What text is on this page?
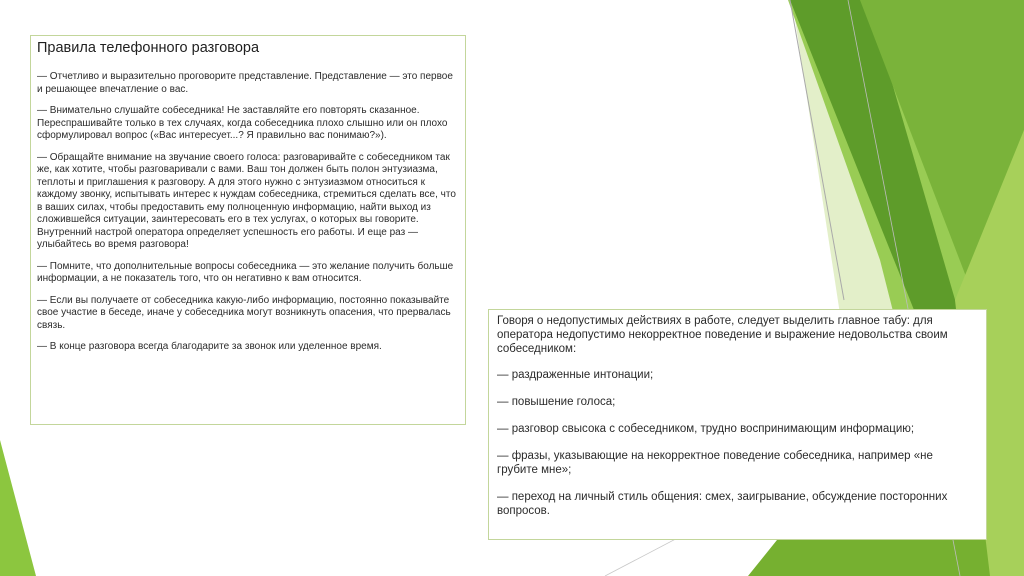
Правила телефонного разговора

— Отчетливо и выразительно проговорите представление. Представление — это первое и решающее впечатление о вас.

— Внимательно слушайте собеседника! Не заставляйте его повторять сказанное. Переспрашивайте только в тех случаях, когда собеседника плохо слышно или он плохо сформулировал вопрос («Вас интересует...? Я правильно вас понимаю?»).

— Обращайте внимание на звучание своего голоса: разговаривайте с собеседником так же, как хотите, чтобы разговаривали с вами. Ваш тон должен быть полон энтузиазма, теплоты и приглашения к разговору. А для этого нужно с энтузиазмом относиться к каждому звонку, испытывать интерес к нуждам собеседника, стремиться сделать все, что в ваших силах, чтобы предоставить ему полноценную информацию, найти выход из сложившейся ситуации, заинтересовать его в тех услугах, о которых вы говорите. Внутренний настрой оператора определяет успешность его работы. И еще раз — улыбайтесь во время разговора!

— Помните, что дополнительные вопросы собеседника — это желание получить больше информации, а не показатель того, что он негативно к вам относится.

— Если вы получаете от собеседника какую-либо информацию, постоянно показывайте свое участие в беседе, иначе у собеседника могут возникнуть опасения, что прервалась связь.

— В конце разговора всегда благодарите за звонок или уделенное время.

Говоря о недопустимых действиях в работе, следует выделить главное табу: для оператора недопустимо некорректное поведение и выражение недовольства своим собеседником:

— раздраженные интонации;

— повышение голоса;

— разговор свысока с собеседником, трудно воспринимающим информацию;

— фразы, указывающие на некорректное поведение собеседника, например «не грубите мне»;

— переход на личный стиль общения: смех, заигрывание, обсуждение посторонних вопросов.
